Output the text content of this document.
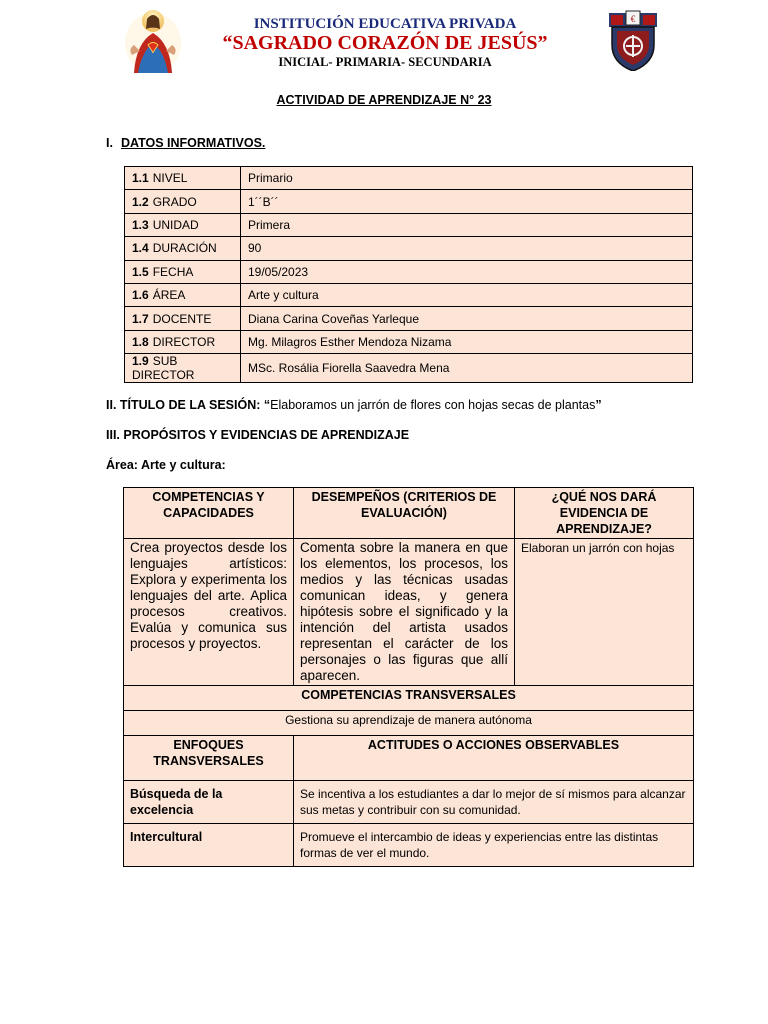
€
INSTITUCIÓN EDUCATIVA PRIVADA
“SAGRADO CORAZÓN DE JESÚS”
INICIAL- PRIMARIA- SECUNDARIA
ACTIVIDAD DE APRENDIZAJE N° 23
I. DATOS INFORMATIVOS.
1.1 NIVEL	Primario
1.2 GRADO	1´´B´´
1.3 UNIDAD	Primera
1.4 DURACIÓN	90
1.5 FECHA	19/05/2023
1.6 ÁREA	Arte y cultura
1.7 DOCENTE	Diana Carina Coveñas Yarleque
1.8 DIRECTOR	Mg. Milagros Esther Mendoza Nizama
1.9 SUB DIRECTOR	MSc. Rosália Fiorella Saavedra Mena
II. TÍTULO DE LA SESIÓN: “Elaboramos un jarrón de flores con hojas secas de plantas”
III. PROPÓSITOS Y EVIDENCIAS DE APRENDIZAJE
Área: Arte y cultura:
COMPETENCIAS Y CAPACIDADES	DESEMPEÑOS (CRITERIOS DE EVALUACIÓN)	¿QUÉ NOS DARÁ EVIDENCIA DE APRENDIZAJE?
Crea proyectos desde los lenguajes artísticos: Explora y experimenta los lenguajes del arte. Aplica procesos creativos. Evalúa y comunica sus procesos y proyectos.	Comenta sobre la manera en que los elementos, los procesos, los medios y las técnicas usadas comunican ideas, y genera hipótesis sobre el significado y la intención del artista usados representan el carácter de los personajes o las figuras que allí aparecen.	Elaboran un jarrón con hojas
COMPETENCIAS TRANSVERSALES		
Gestiona su aprendizaje de manera autónoma		
ENFOQUES TRANSVERSALES	ACTITUDES O ACCIONES OBSERVABLES	
Búsqueda de la excelencia	Se incentiva a los estudiantes a dar lo mejor de sí mismos para alcanzar sus metas y contribuir con su comunidad.	
Intercultural	Promueve el intercambio de ideas y experiencias entre las distintas formas de ver el mundo.	
